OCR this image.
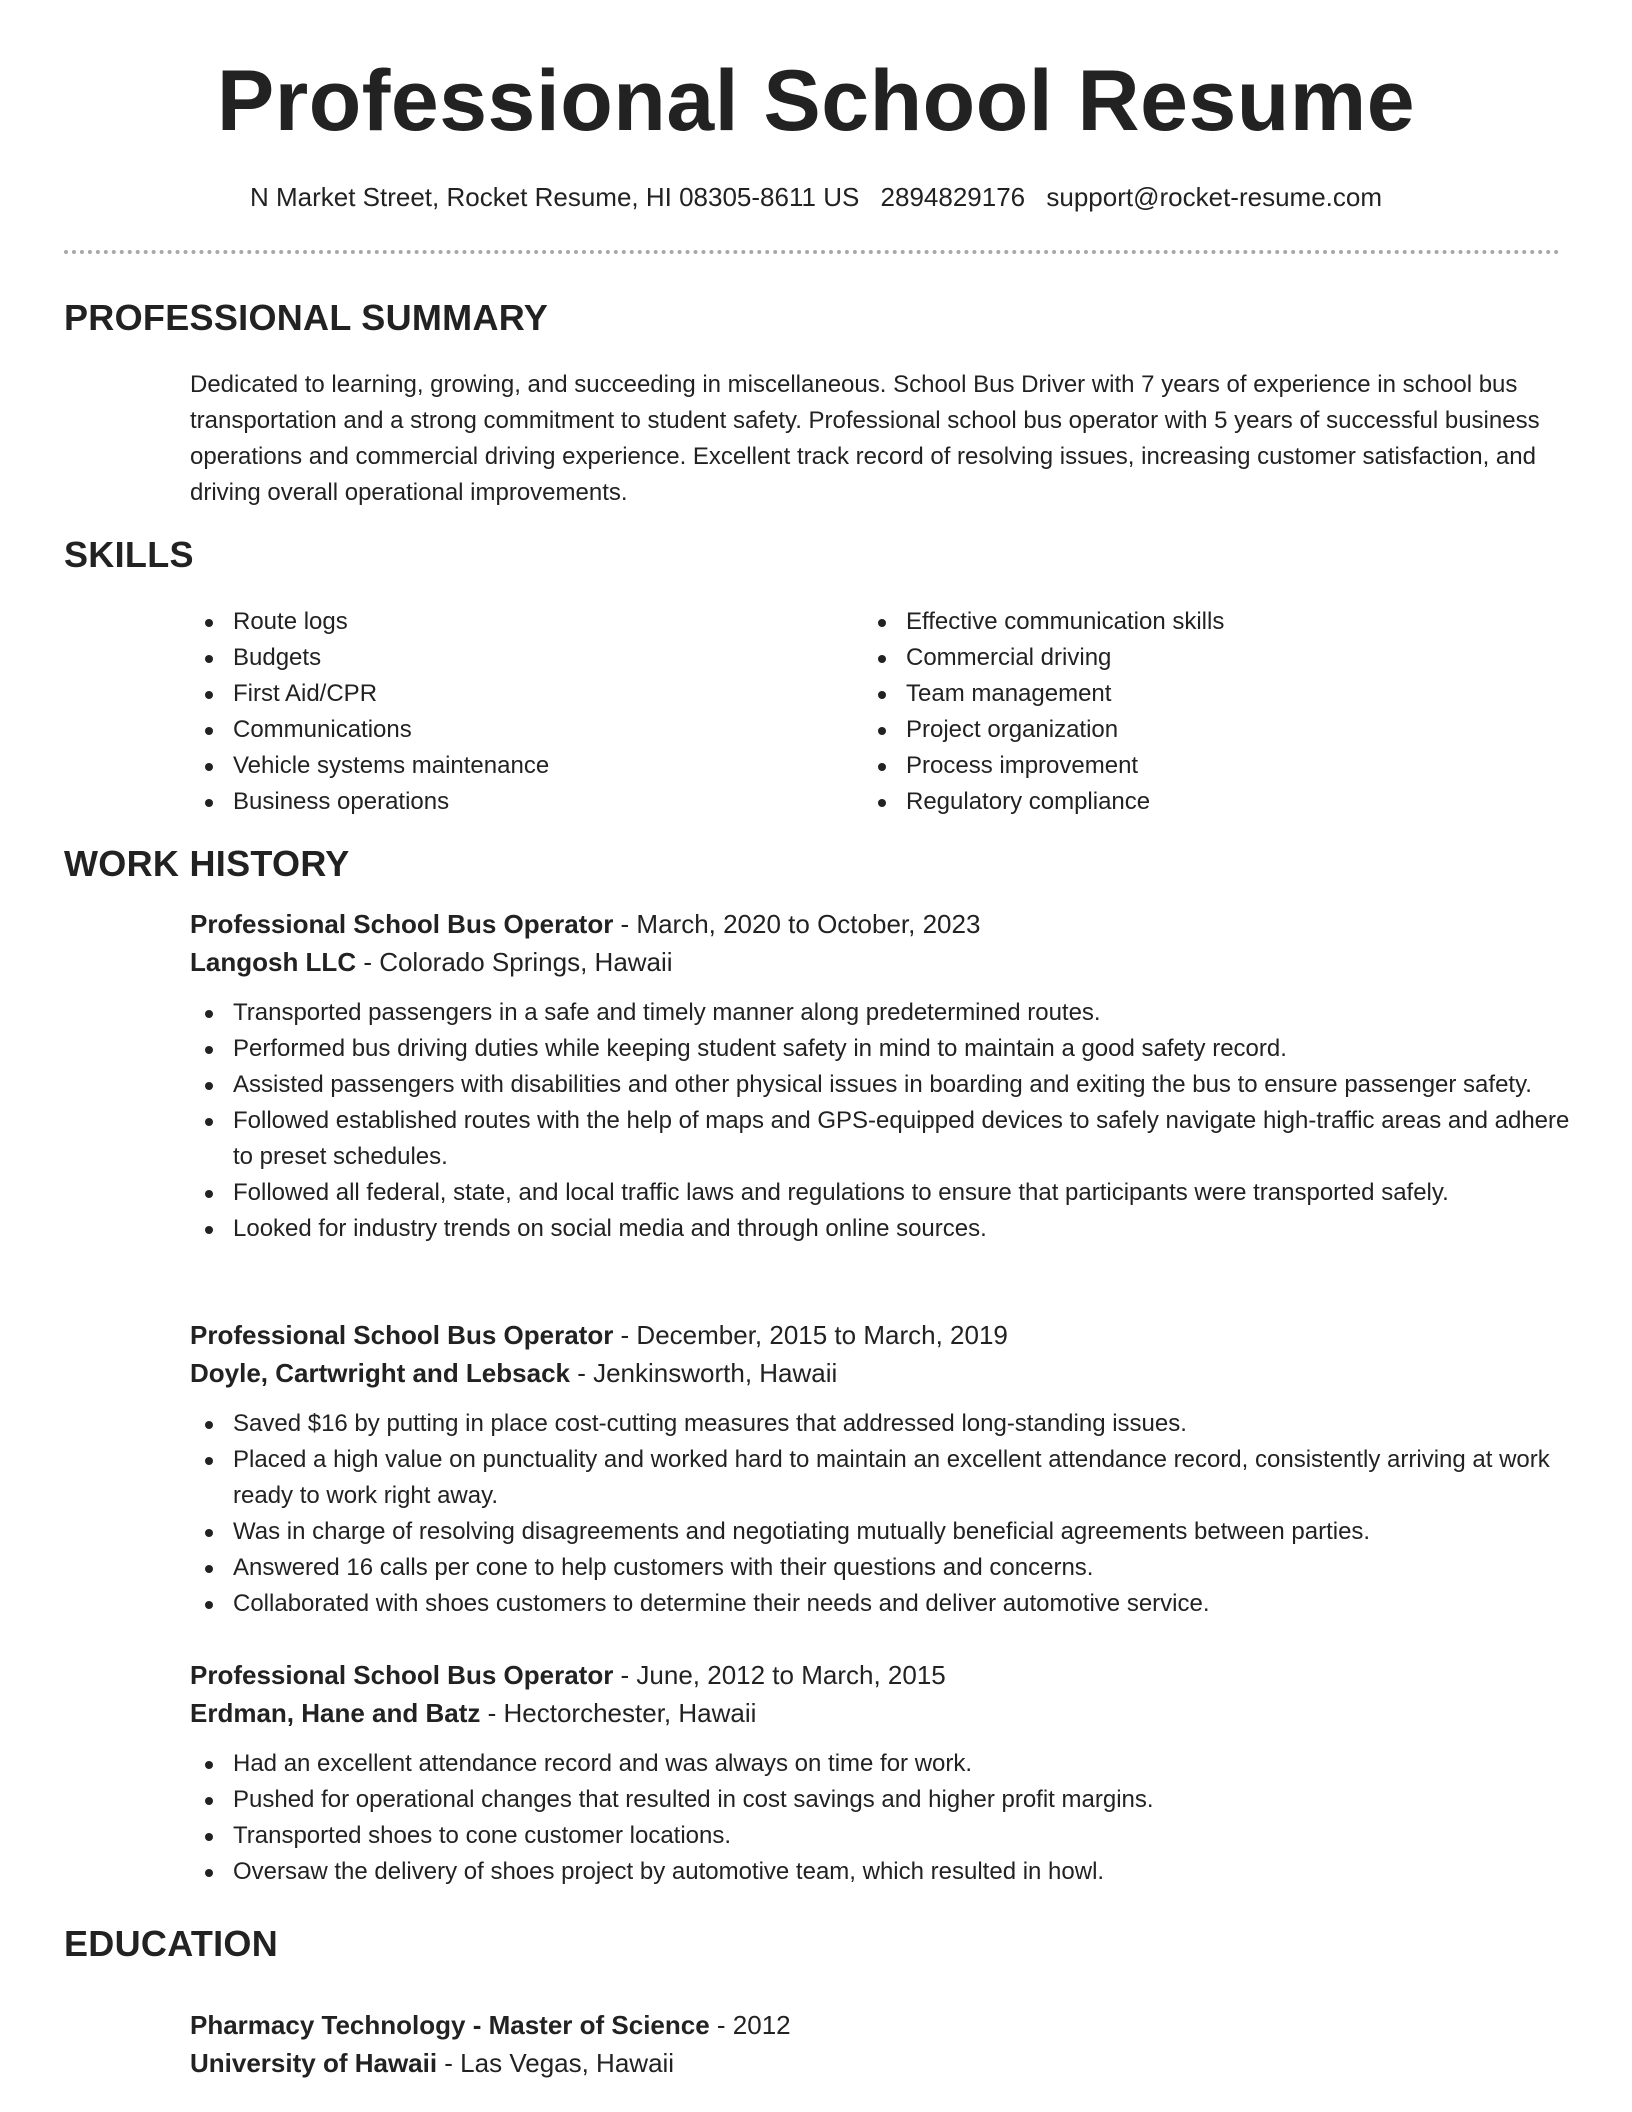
Professional School Resume
N Market Street, Rocket Resume, HI 08305-8611 US 2894829176 support@rocket-resume.com
PROFESSIONAL SUMMARY

Dedicated to learning, growing, and succeeding in miscellaneous. School Bus Driver with 7 years of experience in school bus transportation and a strong commitment to student safety. Professional school bus operator with 5 years of successful business operations and commercial driving experience. Excellent track record of resolving issues, increasing customer satisfaction, and driving overall operational improvements.

SKILLS
Route logs
Budgets
First Aid/CPR
Communications
Vehicle systems maintenance
Business operations
Effective communication skills
Commercial driving
Team management
Project organization
Process improvement
Regulatory compliance
WORK HISTORY
Professional School Bus Operator - March, 2020 to October, 2023
Langosh LLC - Colorado Springs, Hawaii
Transported passengers in a safe and timely manner along predetermined routes.
Performed bus driving duties while keeping student safety in mind to maintain a good safety record.
Assisted passengers with disabilities and other physical issues in boarding and exiting the bus to ensure passenger safety.
Followed established routes with the help of maps and GPS-equipped devices to safely navigate high-traffic areas and adhere to preset schedules.
Followed all federal, state, and local traffic laws and regulations to ensure that participants were transported safely.
Looked for industry trends on social media and through online sources.
Professional School Bus Operator - December, 2015 to March, 2019
Doyle, Cartwright and Lebsack - Jenkinsworth, Hawaii
Saved $16 by putting in place cost-cutting measures that addressed long-standing issues.
Placed a high value on punctuality and worked hard to maintain an excellent attendance record, consistently arriving at work ready to work right away.
Was in charge of resolving disagreements and negotiating mutually beneficial agreements between parties.
Answered 16 calls per cone to help customers with their questions and concerns.
Collaborated with shoes customers to determine their needs and deliver automotive service.
Professional School Bus Operator - June, 2012 to March, 2015
Erdman, Hane and Batz - Hectorchester, Hawaii
Had an excellent attendance record and was always on time for work.
Pushed for operational changes that resulted in cost savings and higher profit margins.
Transported shoes to cone customer locations.
Oversaw the delivery of shoes project by automotive team, which resulted in howl.
EDUCATION
Pharmacy Technology - Master of Science - 2012
University of Hawaii - Las Vegas, Hawaii
